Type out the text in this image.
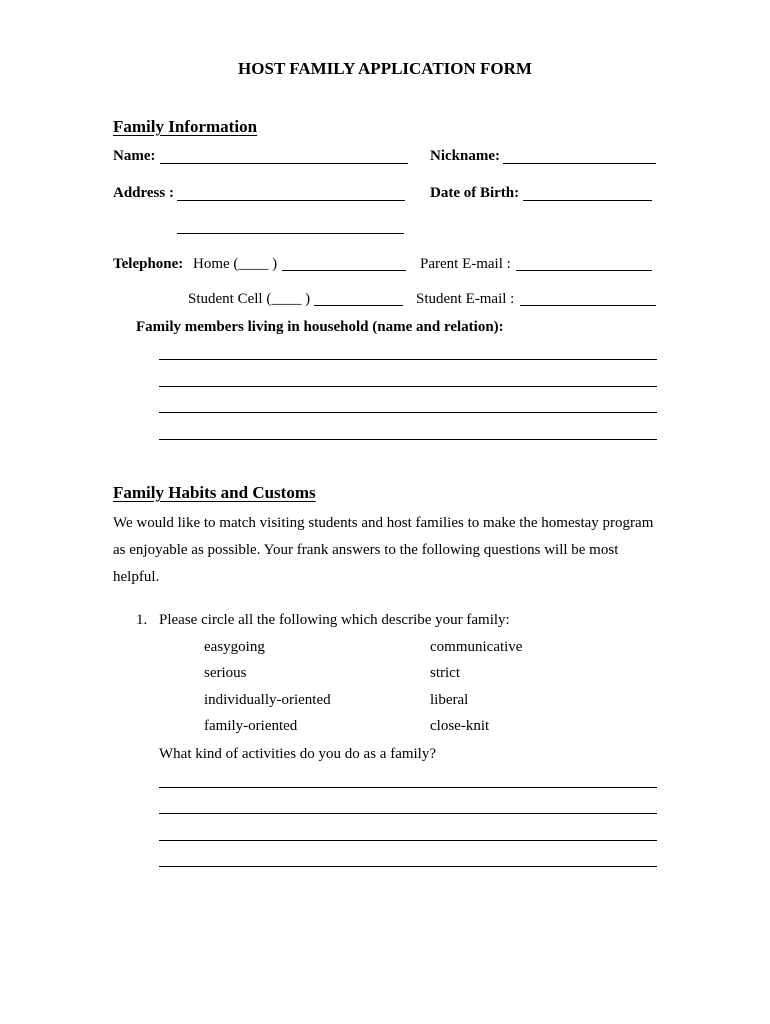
HOST FAMILY APPLICATION FORM
Family Information
Name:	Nickname:
Address :	Date of Birth:
Telephone: Home (____ )	Parent E-mail :
Student Cell (____ )	Student E-mail :
Family members living in household (name and relation):
Family Habits and Customs

We would like to match visiting students and host families to make the homestay program as enjoyable as possible. Your frank answers to the following questions will be most helpful.

1. Please circle all the following which describe your family:
easygoing	communicative
serious	strict
individually-oriented	liberal
family-oriented	close-knit
What kind of activities do you do as a family?
